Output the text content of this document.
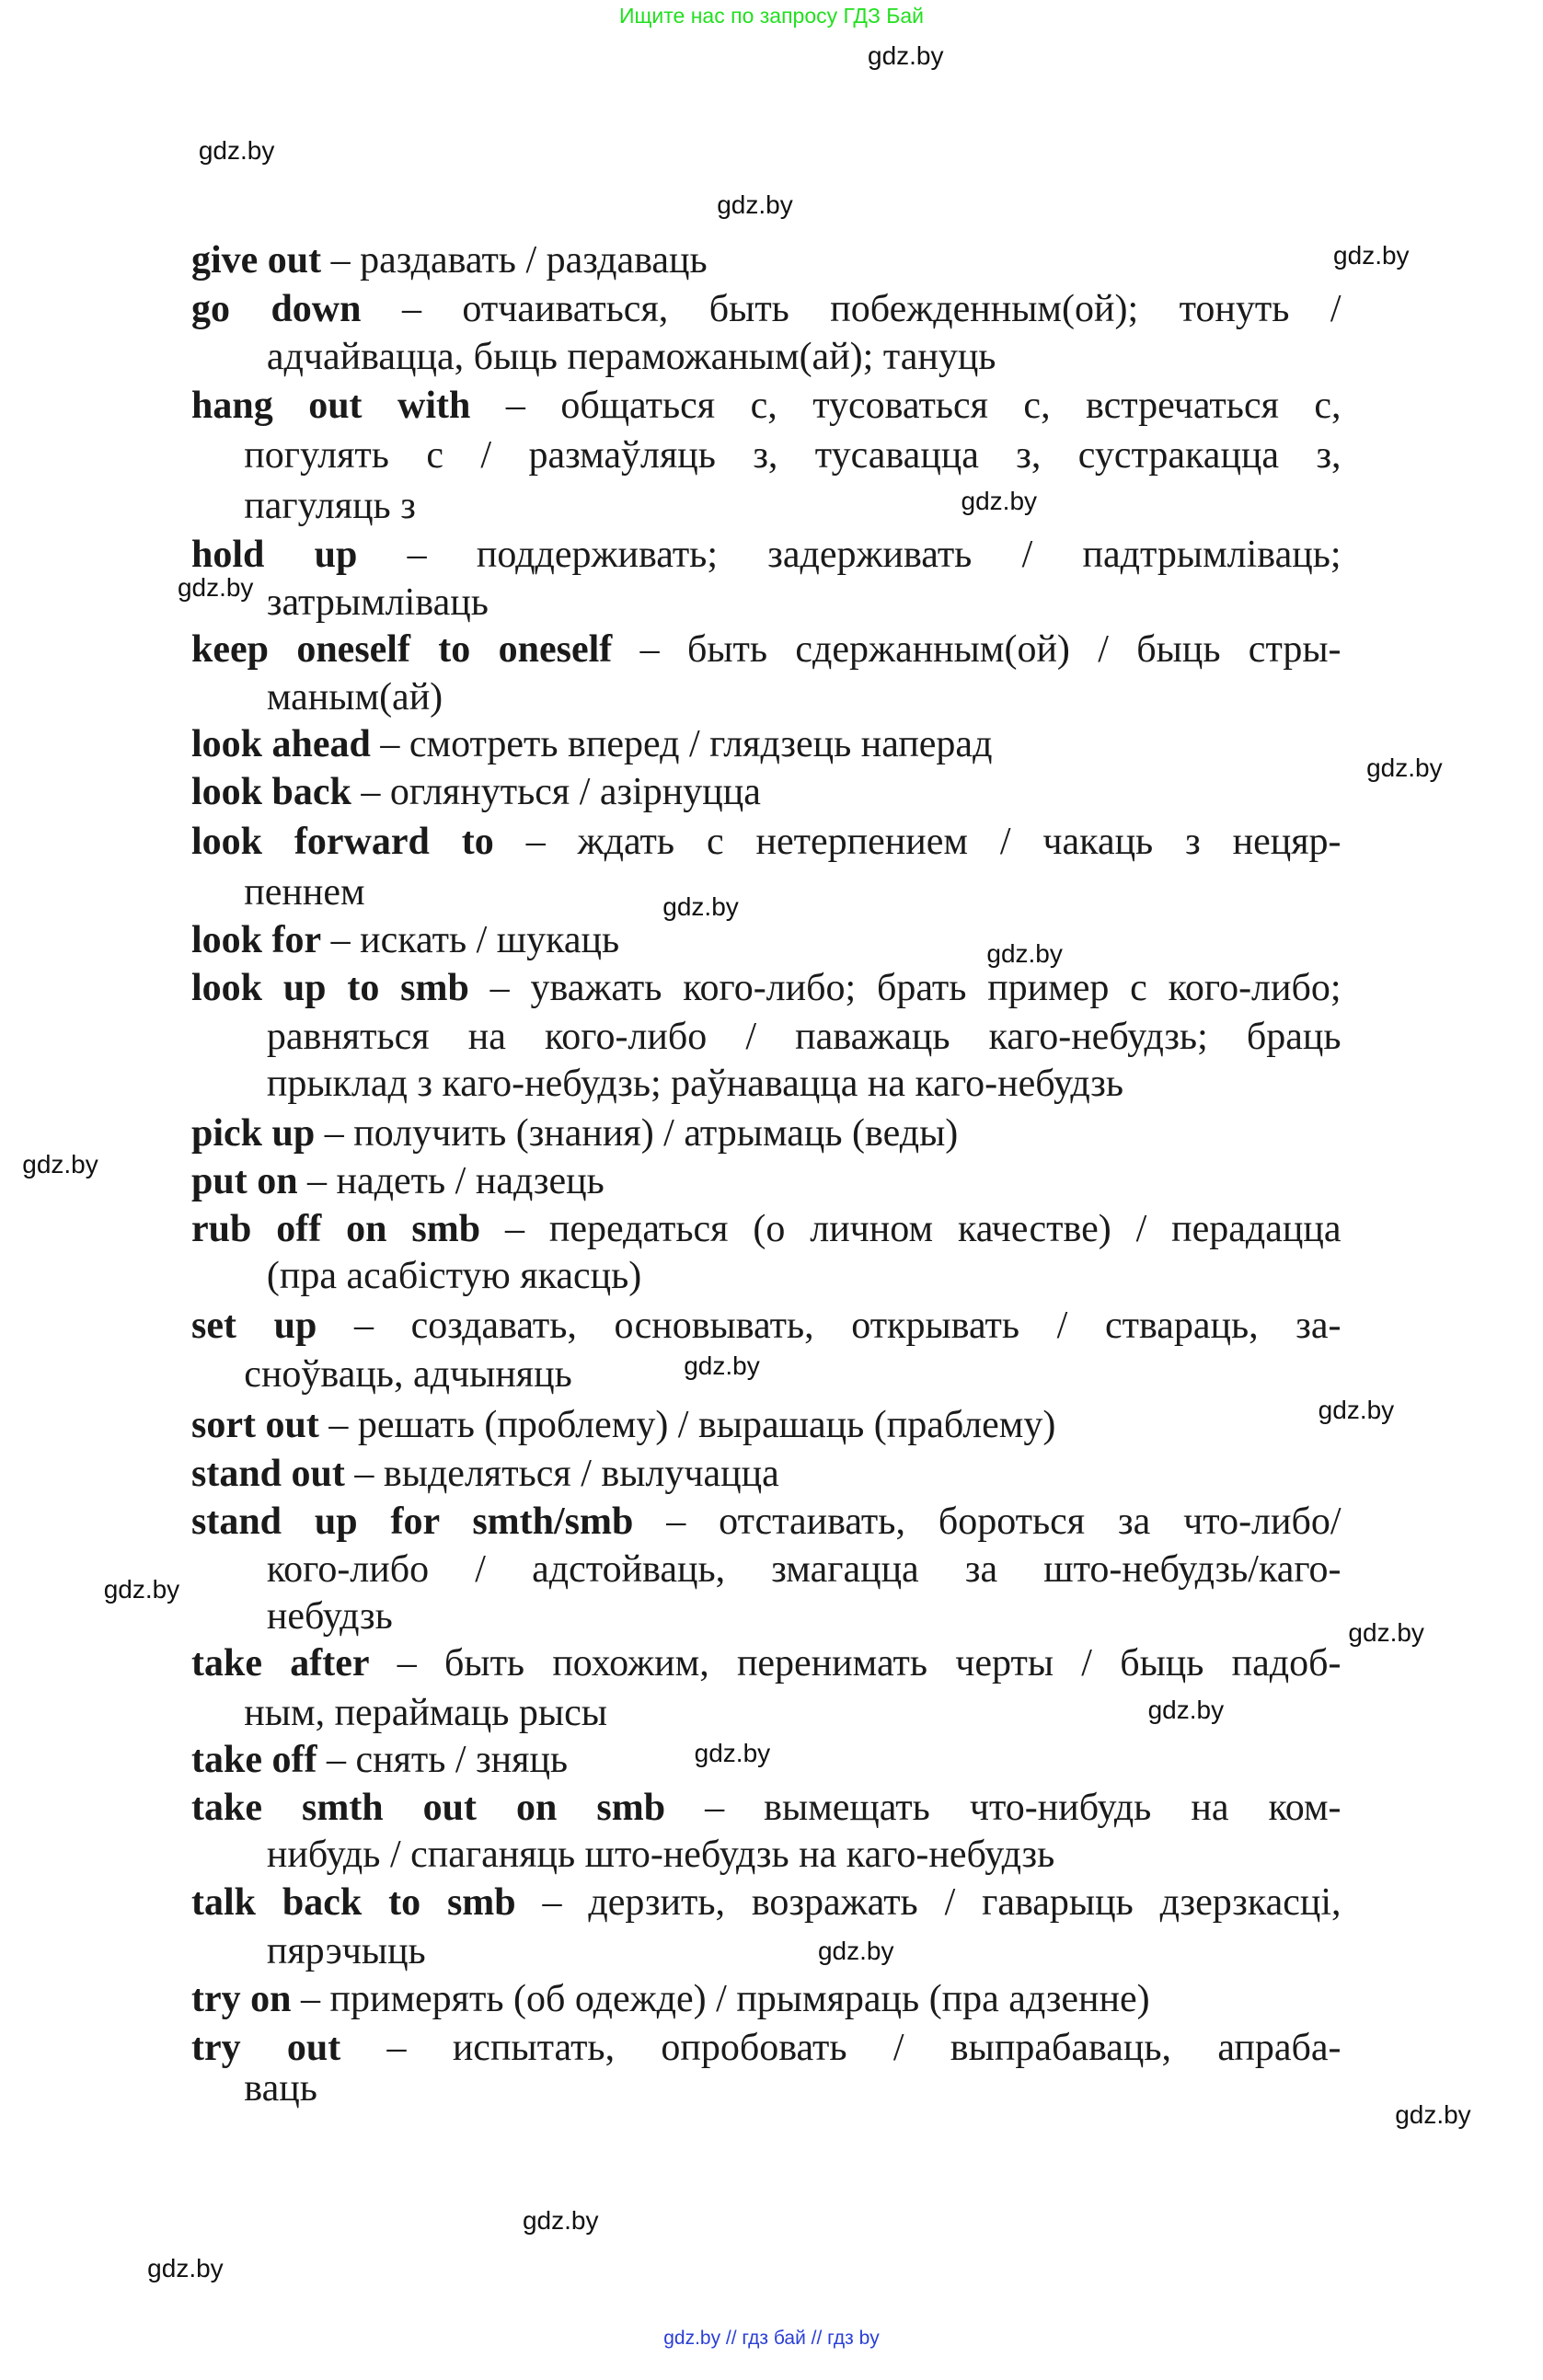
Ищите нас по запросу ГДЗ Бай
give out – раздавать / раздаваць
go down – отчаиваться, быть побежденным(ой); тонуть /
адчайвацца, быць пераможаным(ай); тануць
hang out with – общаться с, тусоваться с, встречаться с,
погулять с / размаўляць з, тусавацца з, сустракацца з,
пагуляць з
hold up – поддерживать; задерживать / падтрымліваць;
затрымліваць
keep oneself to oneself – быть сдержанным(ой) / быць стры-
маным(ай)
look ahead – смотреть вперед / глядзець наперад
look back – оглянуться / азірнуцца
look forward to – ждать с нетерпением / чакаць з нецяр-
пеннем
look for – искать / шукаць
look up to smb – уважать кого-либо; брать пример с кого-либо;
равняться на кого-либо / паважаць каго-небудзь; браць
прыклад з каго-небудзь; раўнавацца на каго-небудзь
pick up – получить (знания) / атрымаць (веды)
put on – надеть / надзець
rub off on smb – передаться (о личном качестве) / перадацца
(пра асабістую якасць)
set up – создавать, основывать, открывать / ствараць, за-
сноўваць, адчыняць
sort out – решать (проблему) / вырашаць (праблему)
stand out – выделяться / вылучацца
stand up for smth/smb – отстаивать, бороться за что-либо/
кого-либо / адстойваць, змагацца за што-небудзь/каго-
небудзь
take after – быть похожим, перенимать черты / быць падоб-
ным, пераймаць рысы
take off – снять / зняць
take smth out on smb – вымещать что-нибудь на ком-
нибудь / спаганяць што-небудзь на каго-небудзь
talk back to smb – дерзить, возражать / гаварыць дзерзкасці,
пярэчыць
try on – примерять (об одежде) / прымяраць (пра адзенне)
try out – испытать, опробовать / выпрабаваць, апраба-
ваць
gdz.by
gdz.by
gdz.by
gdz.by
gdz.by
gdz.by
gdz.by
gdz.by
gdz.by
gdz.by
gdz.by
gdz.by
gdz.by
gdz.by
gdz.by
gdz.by
gdz.by
gdz.by
gdz.by
gdz.by
gdz.by // гдз бай // гдз by
